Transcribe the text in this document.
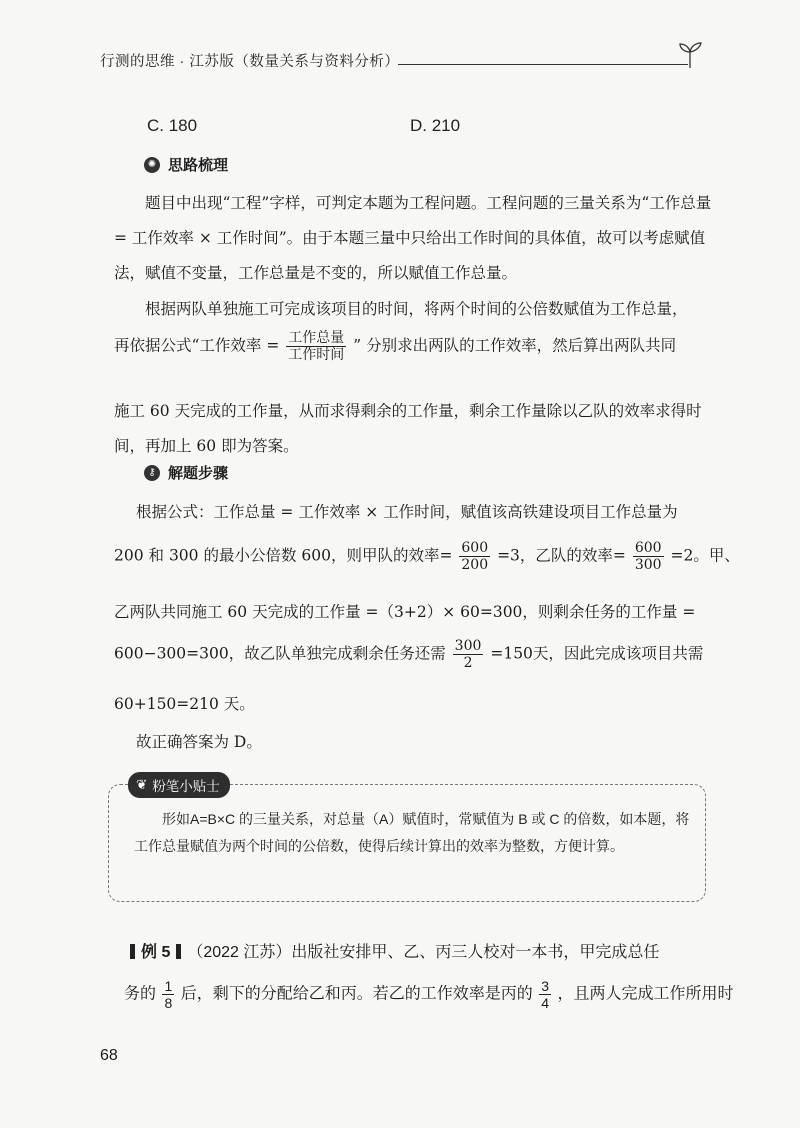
行测的思维 · 江苏版（数量关系与资料分析）
C. 180	D. 210
✺ 思路梳理

题目中出现“工程”字样，可判定本题为工程问题。工程问题的三量关系为“工作总量 = 工作效率 × 工作时间”。由于本题三量中只给出工作时间的具体值，故可以考虑赋值法，赋值不变量，工作总量是不变的，所以赋值工作总量。

根据两队单独施工可完成该项目的时间，将两个时间的公倍数赋值为工作总量，

再依据公式“工作效率 = $\frac{\text{工作总量}}{\text{工作时间}}$ ” 分别求出两队的工作效率，然后算出两队共同

施工 60 天完成的工作量，从而求得剩余的工作量，剩余工作量除以乙队的效率求得时间，再加上 60 即为答案。

⚷ 解题步骤
根据公式：工作总量 = 工作效率 × 工作时间，赋值该高铁建设项目工作总量为
200 和 300 的最小公倍数 600，则甲队的效率= $\frac{600}{200} =3$，乙队的效率= $\frac{600}{300} =2$。甲、
乙两队共同施工 60 天完成的工作量 =（3+2）× 60=300，则剩余任务的工作量 =
600−300=300，故乙队单独完成剩余任务还需 $\frac{300}{2} =150$天，因此完成该项目共需
60+150=210 天。
故正确答案为 D。
❦ 粉笔小贴士
形如A=B×C 的三量关系，对总量（A）赋值时，常赋值为 B 或 C 的倍数，如本题，将工作总量赋值为两个时间的公倍数，使得后续计算出的效率为整数，方便计算。
例 5 （2022 江苏）出版社安排甲、乙、丙三人校对一本书，甲完成总任
务的 $\frac{1}{8}$ 后，剩下的分配给乙和丙。若乙的工作效率是丙的 $\frac{3}{4}$ ，且两人完成工作所用时
68
